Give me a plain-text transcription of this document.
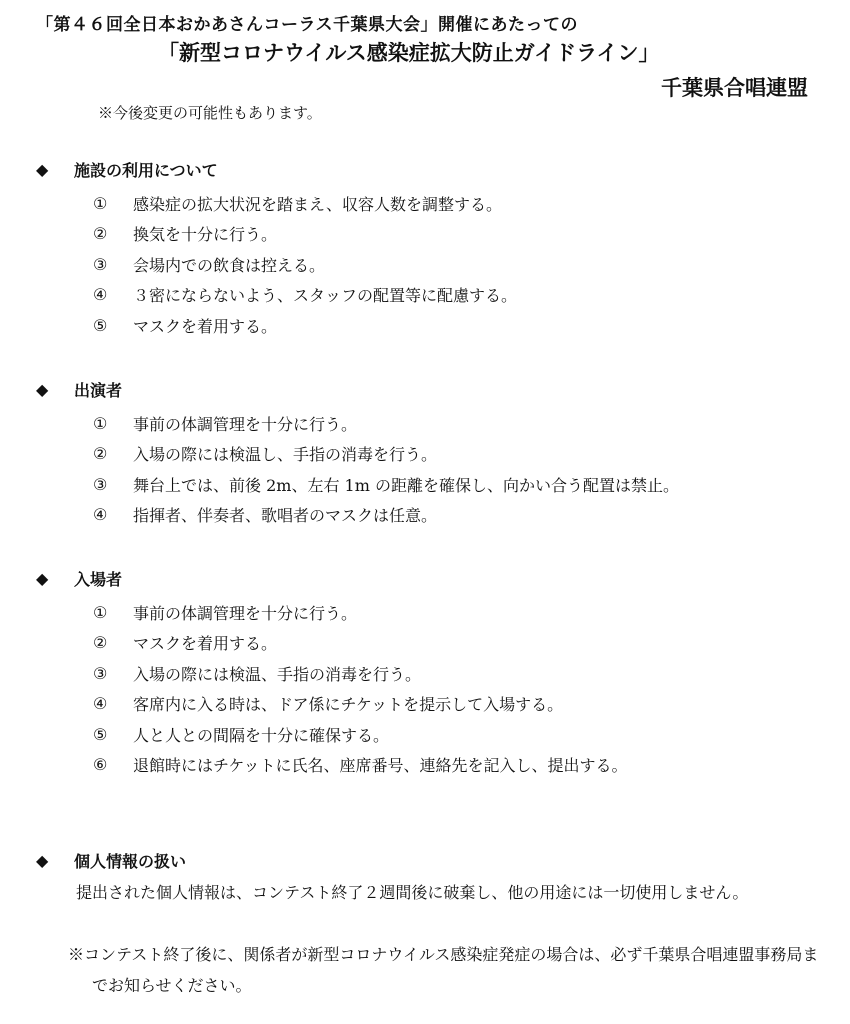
「第４６回全日本おかあさんコーラス千葉県大会」開催にあたっての
「新型コロナウイルス感染症拡大防止ガイドライン」
千葉県合唱連盟
※今後変更の可能性もあります。
◆	施設の利用について
①	感染症の拡大状況を踏まえ、収容人数を調整する。
②	換気を十分に行う。
③	会場内での飲食は控える。
④	３密にならないよう、スタッフの配置等に配慮する。
⑤	マスクを着用する。
◆	出演者
①	事前の体調管理を十分に行う。
②	入場の際には検温し、手指の消毒を行う。
③	舞台上では、前後 2m、左右 1m の距離を確保し、向かい合う配置は禁止。
④	指揮者、伴奏者、歌唱者のマスクは任意。
◆	入場者
①	事前の体調管理を十分に行う。
②	マスクを着用する。
③	入場の際には検温、手指の消毒を行う。
④	客席内に入る時は、ドア係にチケットを提示して入場する。
⑤	人と人との間隔を十分に確保する。
⑥	退館時にはチケットに氏名、座席番号、連絡先を記入し、提出する。
◆	個人情報の扱い

提出された個人情報は、コンテスト終了２週間後に破棄し、他の用途には一切使用しません。

※コンテスト終了後に、関係者が新型コロナウイルス感染症発症の場合は、必ず千葉県合唱連盟事務局までお知らせください。
